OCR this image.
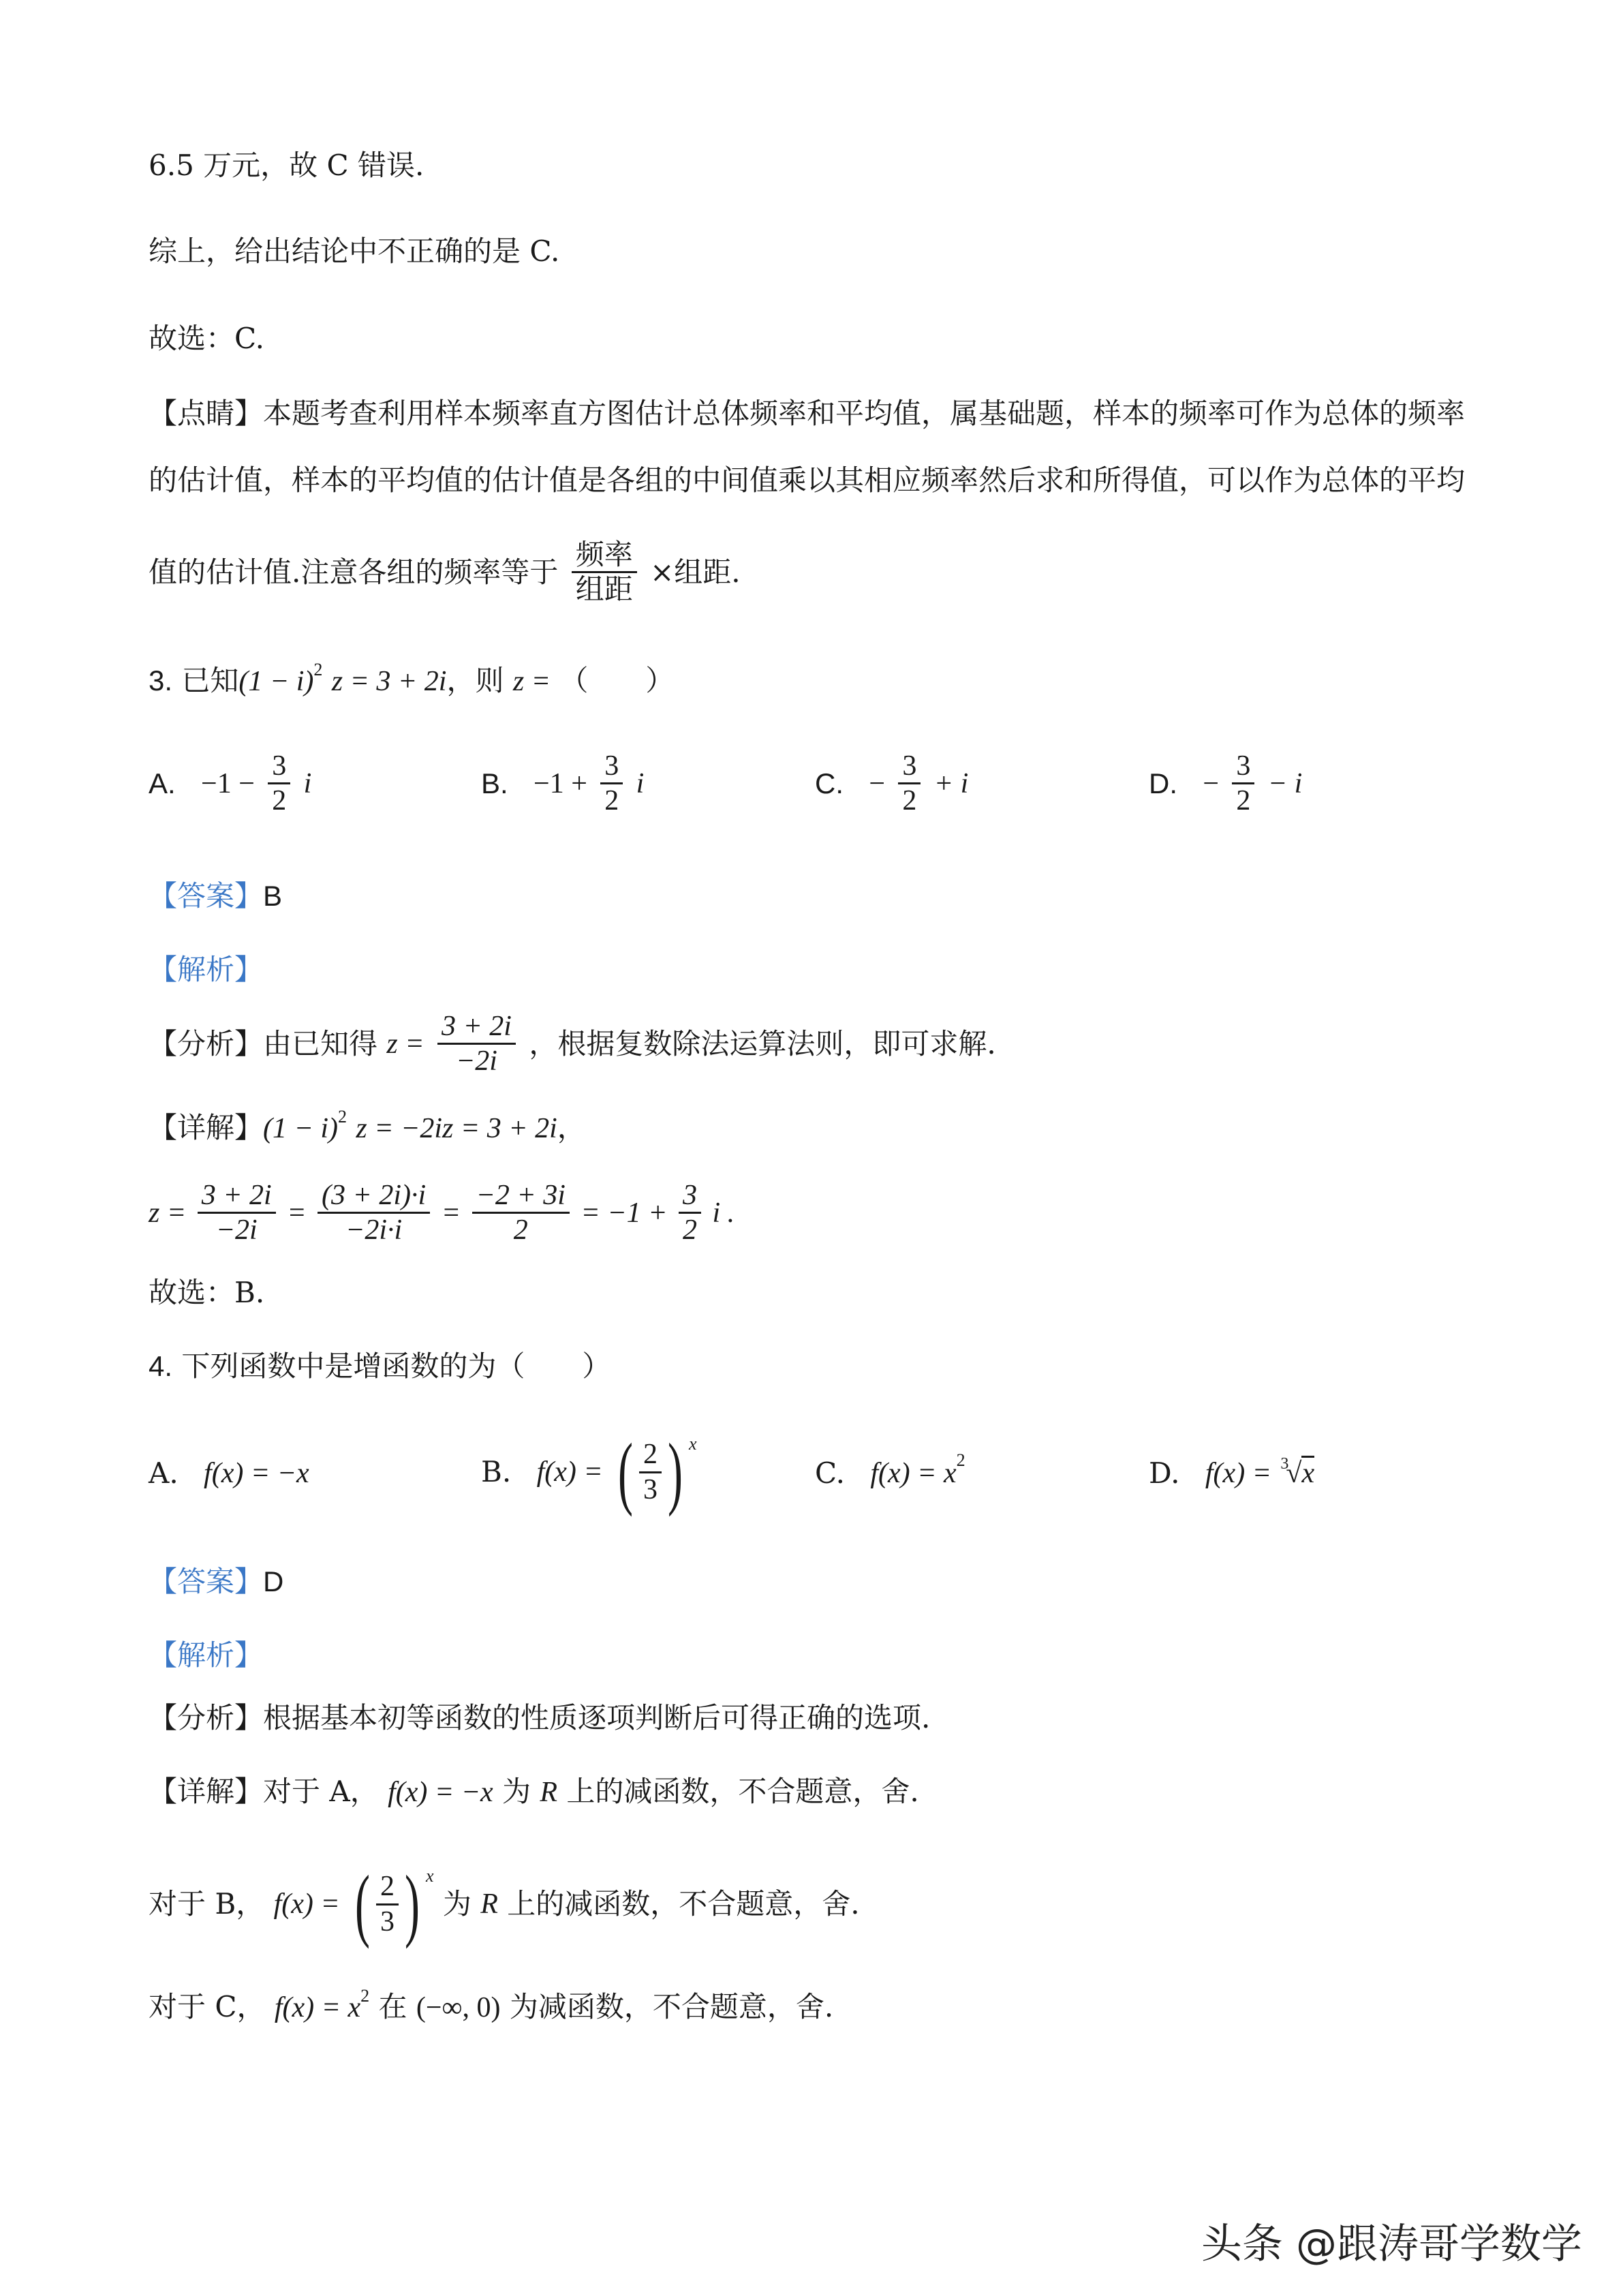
6.5 万元，故 C 错误.
综上，给出结论中不正确的是 C.
故选：C.
【点睛】本题考查利用样本频率直方图估计总体频率和平均值，属基础题，样本的频率可作为总体的频率
的估计值，样本的平均值的估计值是各组的中间值乘以其相应频率然后求和所得值，可以作为总体的平均
值的估计值.注意各组的频率等于 $\frac{\text{频率}}{\text{组距}}$ ×组距.
3. 已知$(1 - i)^2$ z = 3 + 2i，则 z = （　　）
A. $-1 - \frac{3}{2}$ i	B. $-1 + \frac{3}{2}$ i	C. − $\frac{3}{2} + i$	D. − $\frac{3}{2} - i$
【答案】B
【解析】
【分析】由已知得 $z = \frac{3 + 2i}{-2i}$ ，根据复数除法运算法则，即可求解.
【详解】$(1 - i)^2$ z = −2iz = 3 + 2i，
$z = \frac{3 + 2i}{-2i} = \frac{(3 + 2i)\cdot i}{-2i\cdot i} = \frac{-2 + 3i}{2} = -1 + \frac{3}{2}$ i .
故选：B.
4. 下列函数中是增函数的为（　　）
A. f(x) = −x	B. f(x) = ( $\frac{2}{3}$ ) $^x$
C. $f(x) = x^2$	D. f(x) = $^3$√x
【答案】D
【解析】
【分析】根据基本初等函数的性质逐项判断后可得正确的选项.
【详解】对于 A， f(x) = −x 为 R 上的减函数，不合题意，舍.
对于 B， f(x) = ( $\frac{2}{3}$ ) $^x$ 为 R 上的减函数，不合题意，舍.
对于 C， $f(x) = x^2$ 在 (−∞, 0) 为减函数，不合题意，舍.
头条 @跟涛哥学数学
